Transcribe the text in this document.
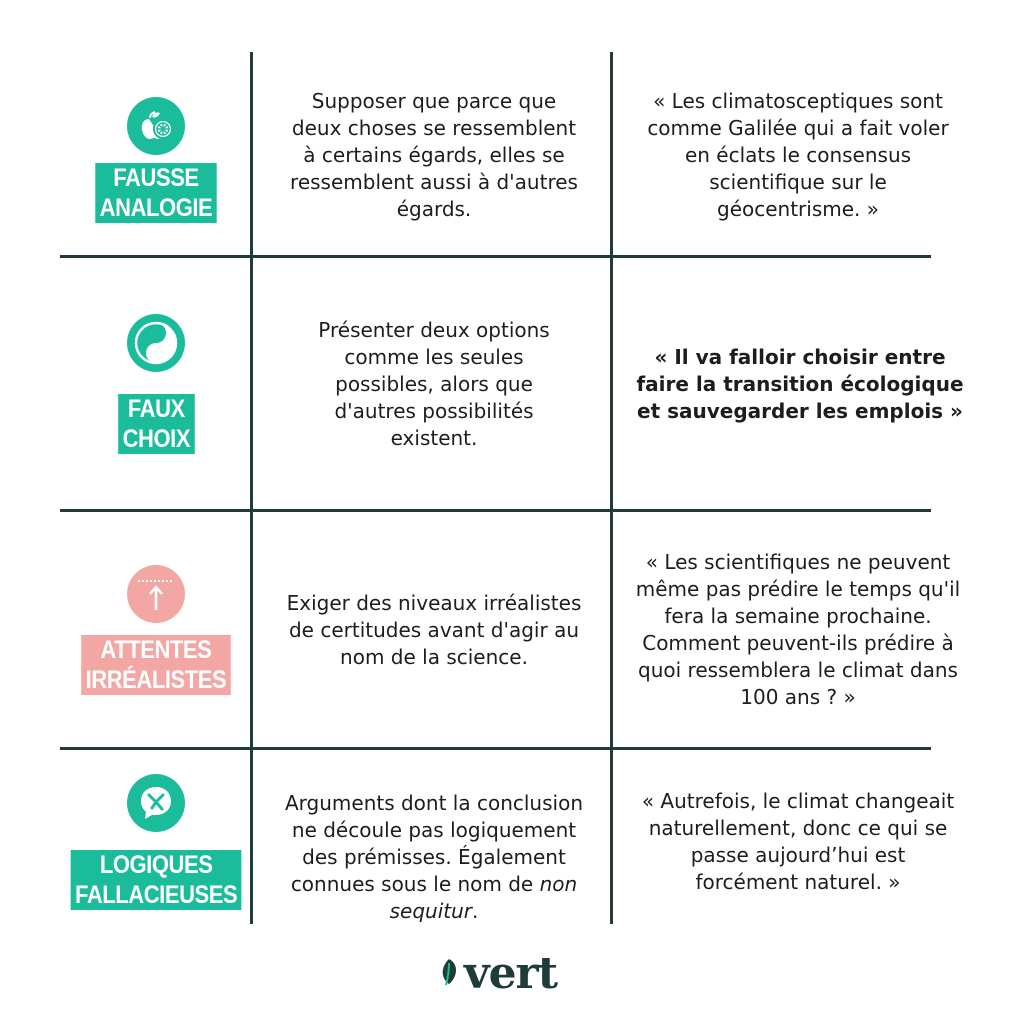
FAUSSE
ANALOGIE
Supposer que parce que deux choses se ressemblent à certains égards, elles se ressemblent aussi à d'autres égards.
« Les climatosceptiques sont comme Galilée qui a fait voler en éclats le consensus scientifique sur le géocentrisme. »
FAUX
CHOIX
Présenter deux options comme les seules possibles, alors que d'autres possibilités existent.
« Il va falloir choisir entre faire la transition écologique et sauvegarder les emplois »
ATTENTES
IRRÉALISTES
Exiger des niveaux irréalistes de certitudes avant d'agir au nom de la science.
« Les scientifiques ne peuvent même pas prédire le temps qu'il fera la semaine prochaine. Comment peuvent-ils prédire à quoi ressemblera le climat dans 100 ans ? »
LOGIQUES
FALLACIEUSES
Arguments dont la conclusion ne découle pas logiquement des prémisses. Également connues sous le nom de non sequitur.
« Autrefois, le climat changeait naturellement, donc ce qui se passe aujourd’hui est forcément naturel. »
vert
